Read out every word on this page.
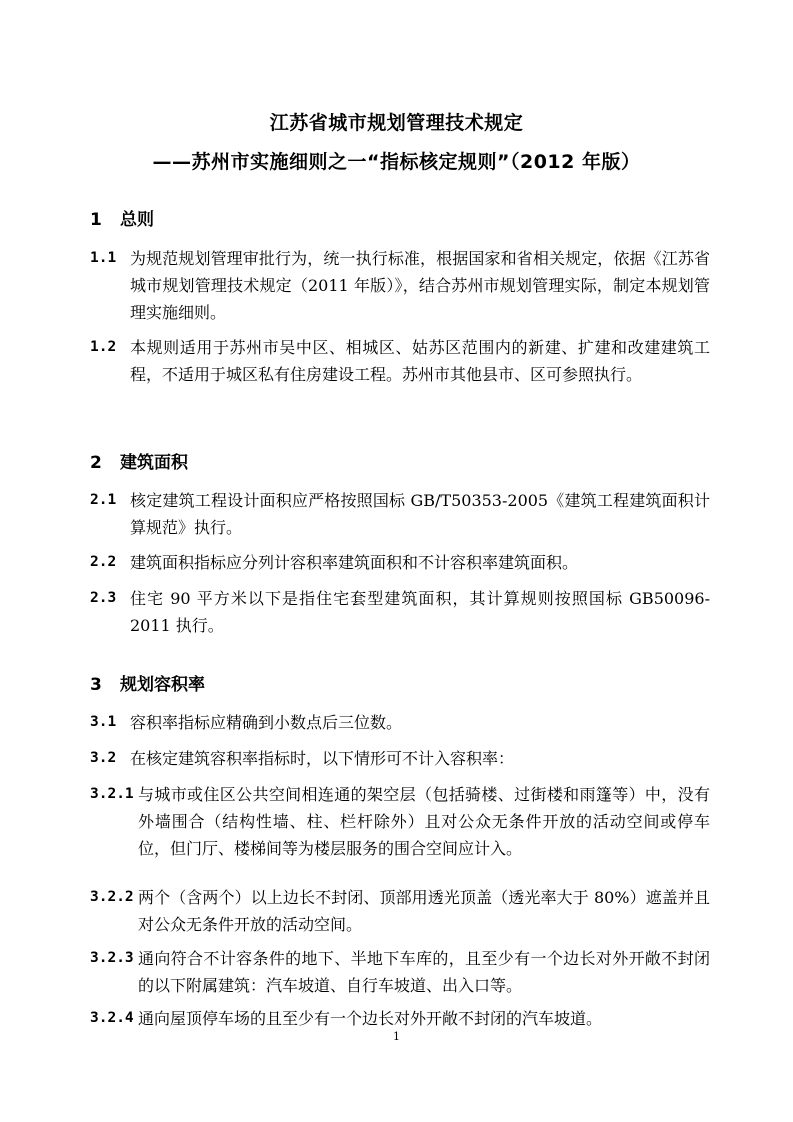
江苏省城市规划管理技术规定
——苏州市实施细则之一“指标核定规则”（2012 年版）
1 总则
1.1 为规范规划管理审批行为，统一执行标准，根据国家和省相关规定，依据《江苏省城市规划管理技术规定（2011 年版）》，结合苏州市规划管理实际，制定本规划管理实施细则。
1.2 本规则适用于苏州市吴中区、相城区、姑苏区范围内的新建、扩建和改建建筑工程，不适用于城区私有住房建设工程。苏州市其他县市、区可参照执行。
2 建筑面积
2.1 核定建筑工程设计面积应严格按照国标 GB/T50353-2005《建筑工程建筑面积计算规范》执行。
2.2 建筑面积指标应分列计容积率建筑面积和不计容积率建筑面积。
2.3 住宅 90 平方米以下是指住宅套型建筑面积，其计算规则按照国标 GB50096-2011 执行。
3 规划容积率
3.1 容积率指标应精确到小数点后三位数。
3.2 在核定建筑容积率指标时，以下情形可不计入容积率：
3.2.1 与城市或住区公共空间相连通的架空层（包括骑楼、过街楼和雨篷等）中，没有外墙围合（结构性墙、柱、栏杆除外）且对公众无条件开放的活动空间或停车位，但门厅、楼梯间等为楼层服务的围合空间应计入。
3.2.2 两个（含两个）以上边长不封闭、顶部用透光顶盖（透光率大于 80%）遮盖并且对公众无条件开放的活动空间。
3.2.3 通向符合不计容条件的地下、半地下车库的，且至少有一个边长对外开敞不封闭的以下附属建筑：汽车坡道、自行车坡道、出入口等。
3.2.4 通向屋顶停车场的且至少有一个边长对外开敞不封闭的汽车坡道。
1
